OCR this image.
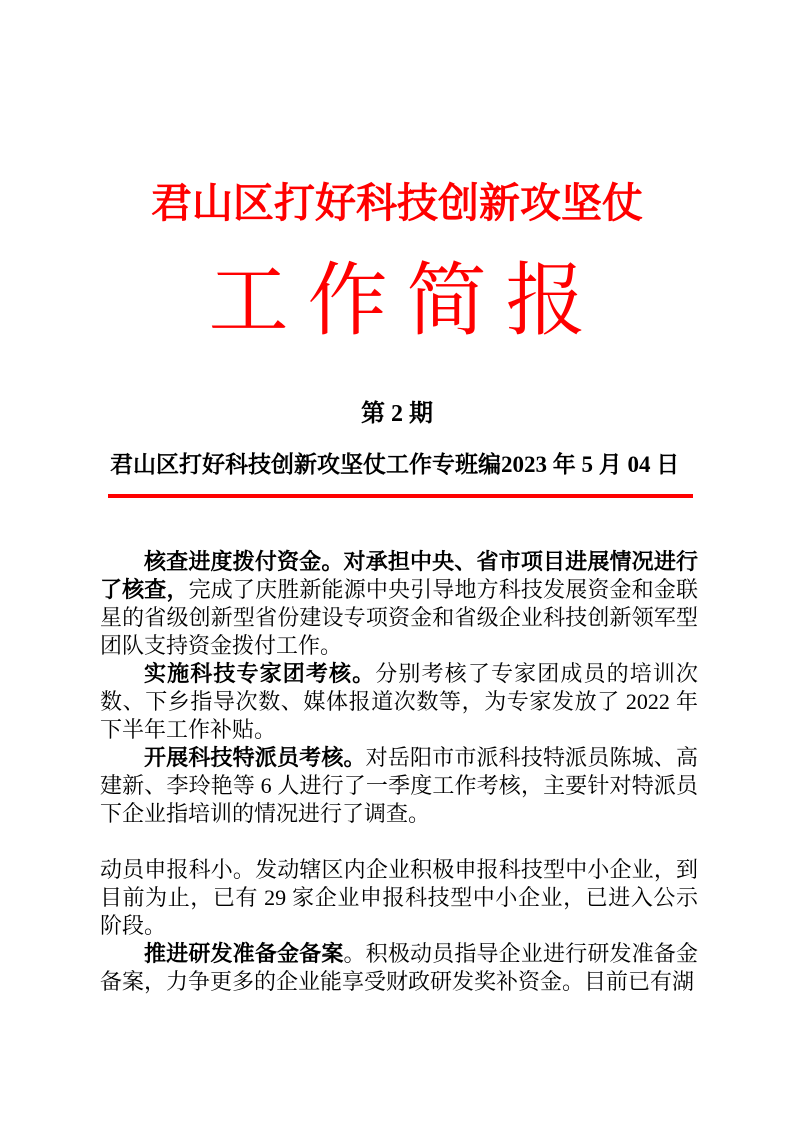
君山区打好科技创新攻坚仗
工作简报
第 2 期
君山区打好科技创新攻坚仗工作专班编 2023 年 5 月 04 日

核查进度拨付资金。对承担中央、省市项目进展情况进行了核查，完成了庆胜新能源中央引导地方科技发展资金和金联星的省级创新型省份建设专项资金和省级企业科技创新领军型团队支持资金拨付工作。

实施科技专家团考核。分别考核了专家团成员的培训次数、下乡指导次数、媒体报道次数等，为专家发放了 2022 年下半年工作补贴。

开展科技特派员考核。对岳阳市市派科技特派员陈城、高建新、李玲艳等 6 人进行了一季度工作考核，主要针对特派员下企业指培训的情况进行了调查。

动员申报科小。发动辖区内企业积极申报科技型中小企业，到目前为止，已有 29 家企业申报科技型中小企业，已进入公示阶段。

推进研发准备金备案。积极动员指导企业进行研发准备金备案，力争更多的企业能享受财政研发奖补资金。目前已有湖
